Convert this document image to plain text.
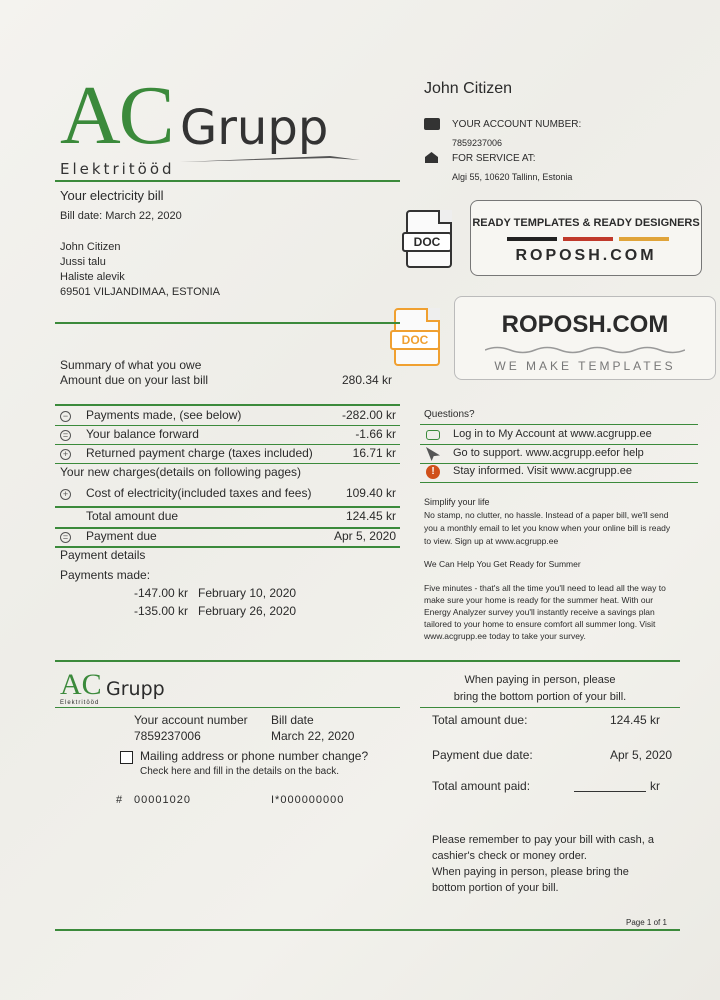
AC Grupp
Elektritööd
Your electricity bill
Bill date: March 22, 2020
John Citizen
Jussi talu
Haliste alevik
69501 VILJANDIMAA, ESTONIA
John Citizen
YOUR ACCOUNT NUMBER:
7859237006
FOR SERVICE AT:
Algi 55, 10620 Tallinn, Estonia
DOC
READY TEMPLATES & READY DESIGNERS
ROPOSH.COM
DOC
ROPOSH.COM
WE MAKE TEMPLATES
Summary of what you owe
Amount due on your last bill	280.34 kr
− Payments made, (see below)	-282.00 kr
= Your balance forward	-1.66 kr
+ Returned payment charge (taxes included)	16.71 kr
Your new charges(details on following pages)
+ Cost of electricity(included taxes and fees)	109.40 kr
Total amount due	124.45 kr
= Payment due	Apr 5, 2020
Payment details
Payments made:
-147.00 kr February 10, 2020
-135.00 kr February 26, 2020
Questions?
Log in to My Account at www.acgrupp.ee
Go to support. www.acgrupp.eefor help
!	Stay informed. Visit www.acgrupp.ee
Simplify your life
No stamp, no clutter, no hassle. Instead of a paper bill, we'll send
you a monthly email to let you know when your online bill is ready
to view. Sign up at www.acgrupp.ee
We Can Help You Get Ready for Summer
Five minutes - that's all the time you'll need to lead all the way to
make sure your home is ready for the summer heat. With our
Energy Analyzer survey you'll instantly receive a savings plan
tailored to your home to ensure comfort all summer long. Visit
www.acgrupp.ee today to take your survey.
AC Grupp
Elektritööd
Your account number
7859237006
Bill date
March 22, 2020
Mailing address or phone number change?
Check here and fill in the details on the back.
# 00001020	I*000000000
When paying in person, please
bring the bottom portion of your bill.
Total amount due:	124.45 kr
Payment due date:	Apr 5, 2020
Total amount paid:	kr
Please remember to pay your bill with cash, a
cashier's check or money order.
When paying in person, please bring the
bottom portion of your bill.
Page 1 of 1
